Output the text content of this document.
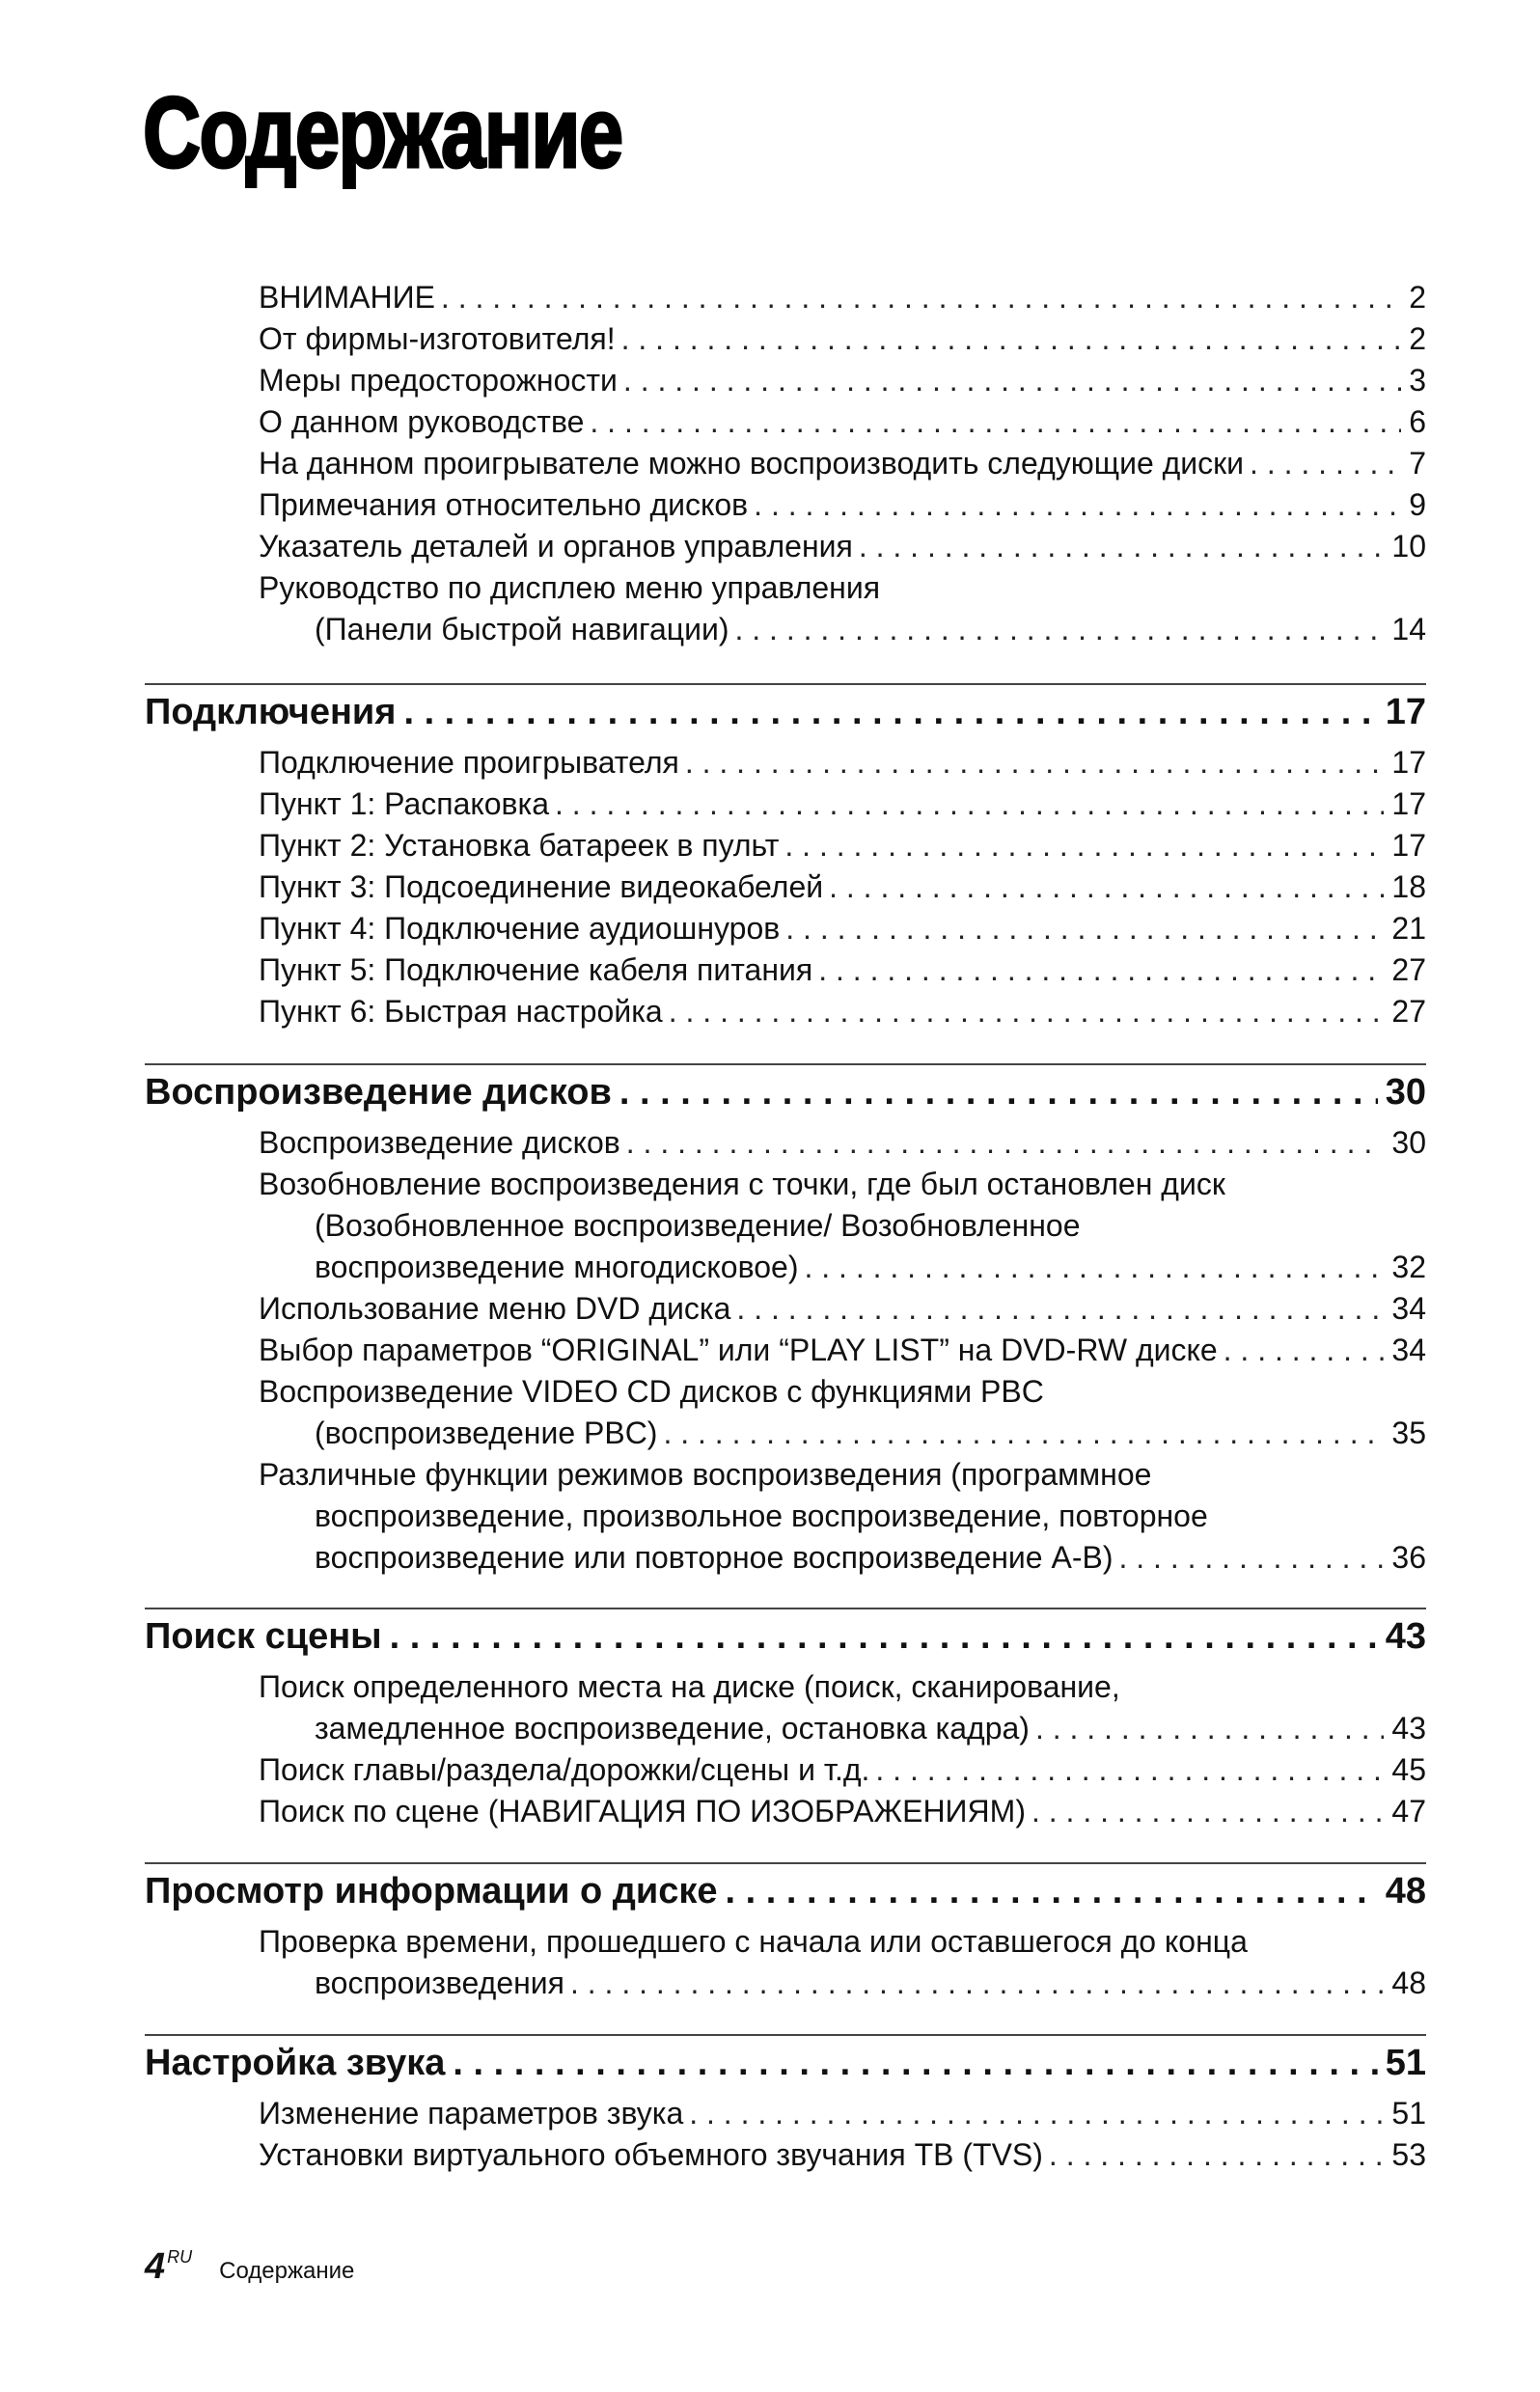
Содержание
ВНИМАНИЕ . . .	2
От фирмы-изготовителя! . . .	2
Меры предосторожности . . .	3
О данном руководстве . . .	6
На данном проигрывателе можно воспроизводить следующие диски . . .	7
Примечания относительно дисков . . .	9
Указатель деталей и органов управления . . .	10
Руководство по дисплею меню управления
(Панели быстрой навигации) . . .	14
Подключения . . .	17
Подключение проигрывателя . . .	17
Пункт 1: Распаковка . . .	17
Пункт 2: Установка батареек в пульт . . .	17
Пункт 3: Подсоединение видеокабелей . . .	18
Пункт 4: Подключение аудиошнуров . . .	21
Пункт 5: Подключение кабеля питания . . .	27
Пункт 6: Быстрая настройка . . .	27
Воспроизведение дисков . . .	30
Воспроизведение дисков . . .	30
Возобновление воспроизведения с точки, где был остановлен диск
(Возобновленное воспроизведение/ Возобновленное
воспроизведение многодисковое) . . .	32
Использование меню DVD диска . . .	34
Выбор параметров “ORIGINAL” или “PLAY LIST” на DVD-RW диске . . .	34
Воспроизведение VIDEO CD дисков с функциями PBC
(воспроизведение PBC) . . .	35
Различные функции режимов воспроизведения (программное
воспроизведение, произвольное воспроизведение, повторное
воспроизведение или повторное воспроизведение A-B) . . .	36
Поиск сцены . . .	43
Поиск определенного места на диске (поиск, сканирование,
замедленное воспроизведение, остановка кадра) . . .	43
Поиск главы/раздела/дорожки/сцены и т.д. . . .	45
Поиск по сцене (НАВИГАЦИЯ ПО ИЗОБРАЖЕНИЯМ) . . .	47
Просмотр информации о диске . . .	48
Проверка времени, прошедшего с начала или оставшегося до конца
воспроизведения . . .	48
Настройка звука . . .	51
Изменение параметров звука . . .	51
Установки виртуального объемного звучания ТВ (TVS) . . .	53
4 RU
Содержание
